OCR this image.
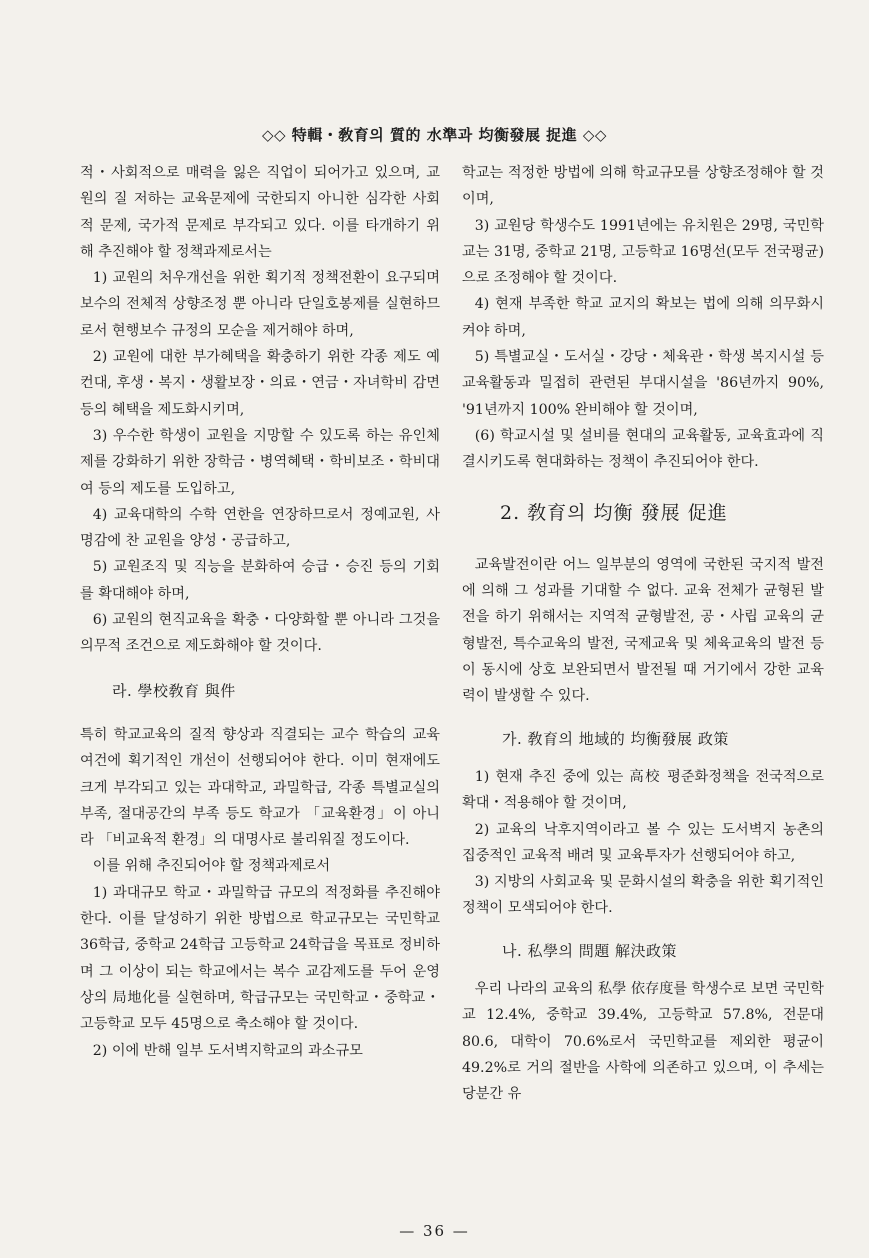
◇◇ 特輯・敎育의 質的 水準과 均衡發展 捉進 ◇◇

적・사회적으로 매력을 잃은 직업이 되어가고 있으며, 교원의 질 저하는 교육문제에 국한되지 아니한 심각한 사회적 문제, 국가적 문제로 부각되고 있다. 이를 타개하기 위해 추진해야 할 정책과제로서는

1) 교원의 처우개선을 위한 획기적 정책전환이 요구되며 보수의 전체적 상향조정 뿐 아니라 단일호봉제를 실현하므로서 현행보수 규정의 모순을 제거해야 하며,

2) 교원에 대한 부가혜택을 확충하기 위한 각종 제도 예컨대, 후생・복지・생활보장・의료・연금・자녀학비 감면 등의 혜택을 제도화시키며,

3) 우수한 학생이 교원을 지망할 수 있도록 하는 유인체제를 강화하기 위한 장학금・병역혜택・학비보조・학비대여 등의 제도를 도입하고,

4) 교육대학의 수학 연한을 연장하므로서 정예교원, 사명감에 찬 교원을 양성・공급하고,

5) 교원조직 및 직능을 분화하여 승급・승진 등의 기회를 확대해야 하며,

6) 교원의 현직교육을 확충・다양화할 뿐 아니라 그것을 의무적 조건으로 제도화해야 할 것이다.

라. 學校敎育 與件

특히 학교교육의 질적 향상과 직결되는 교수 학습의 교육여건에 획기적인 개선이 선행되어야 한다. 이미 현재에도 크게 부각되고 있는 과대학교, 과밀학급, 각종 특별교실의 부족, 절대공간의 부족 등도 학교가 「교육환경」이 아니라 「비교육적 환경」의 대명사로 불리워질 정도이다.

이를 위해 추진되어야 할 정책과제로서

1) 과대규모 학교・과밀학급 규모의 적정화를 추진해야 한다. 이를 달성하기 위한 방법으로 학교규모는 국민학교 36학급, 중학교 24학급 고등학교 24학급을 목표로 정비하며 그 이상이 되는 학교에서는 복수 교감제도를 두어 운영상의 局地化를 실현하며, 학급규모는 국민학교・중학교・고등학교 모두 45명으로 축소해야 할 것이다.

2) 이에 반해 일부 도서벽지학교의 과소규모

학교는 적정한 방법에 의해 학교규모를 상향조정해야 할 것이며,

3) 교원당 학생수도 1991년에는 유치원은 29명, 국민학교는 31명, 중학교 21명, 고등학교 16명선(모두 전국평균)으로 조정해야 할 것이다.

4) 현재 부족한 학교 교지의 확보는 법에 의해 의무화시켜야 하며,

5) 특별교실・도서실・강당・체육관・학생 복지시설 등 교육활동과 밀접히 관련된 부대시설을 '86년까지 90%, '91년까지 100% 완비해야 할 것이며,

(6) 학교시설 및 설비를 현대의 교육활동, 교육효과에 직결시키도록 현대화하는 정책이 추진되어야 한다.

2. 敎育의 均衡 發展 促進

교육발전이란 어느 일부분의 영역에 국한된 국지적 발전에 의해 그 성과를 기대할 수 없다. 교육 전체가 균형된 발전을 하기 위해서는 지역적 균형발전, 공・사립 교육의 균형발전, 특수교육의 발전, 국제교육 및 체육교육의 발전 등이 동시에 상호 보완되면서 발전될 때 거기에서 강한 교육력이 발생할 수 있다.

가. 敎育의 地域的 均衡發展 政策

1) 현재 추진 중에 있는 高校 평준화정책을 전국적으로 확대・적용해야 할 것이며,

2) 교육의 낙후지역이라고 볼 수 있는 도서벽지 농촌의 집중적인 교육적 배려 및 교육투자가 선행되어야 하고,

3) 지방의 사회교육 및 문화시설의 확충을 위한 획기적인 정책이 모색되어야 한다.

나. 私學의 問題 解決政策

우리 나라의 교육의 私學 依存度를 학생수로 보면 국민학교 12.4%, 중학교 39.4%, 고등학교 57.8%, 전문대 80.6, 대학이 70.6%로서 국민학교를 제외한 평균이 49.2%로 거의 절반을 사학에 의존하고 있으며, 이 추세는 당분간 유

— 36 —
